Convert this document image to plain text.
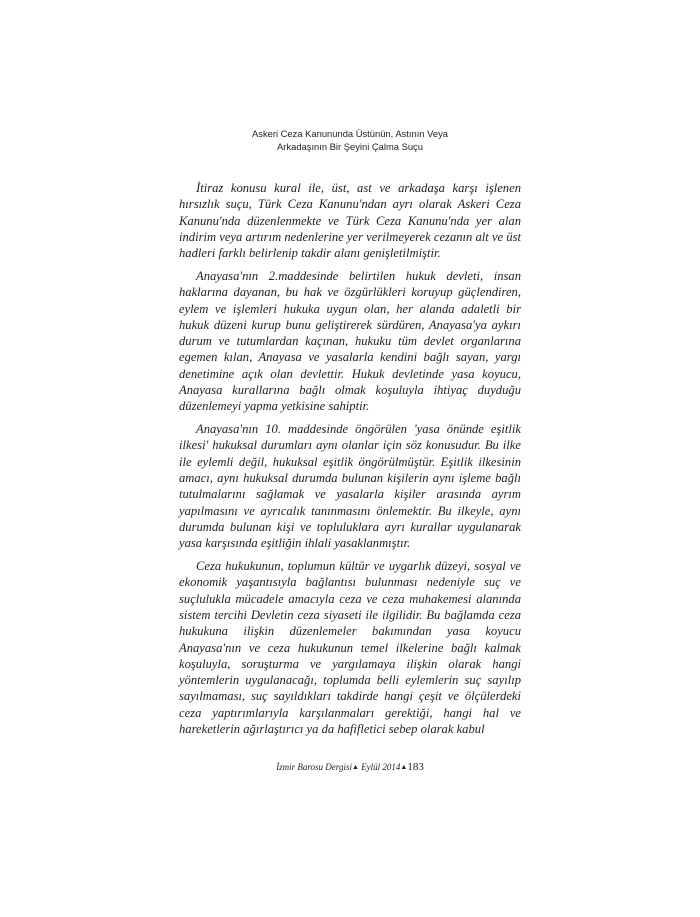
Askeri Ceza Kanununda Üstünün, Astının Veya
Arkadaşının Bir Şeyini Çalma Suçu

İtiraz konusu kural ile, üst, ast ve arkadaşa karşı işlenen hırsızlık suçu, Türk Ceza Kanunu'ndan ayrı olarak Askeri Ceza Kanunu'nda düzenlenmekte ve Türk Ceza Kanunu'nda yer alan indirim veya artırım nedenlerine yer verilmeyerek cezanın alt ve üst hadleri farklı belirlenip takdir alanı genişletilmiştir.

Anayasa'nın 2.maddesinde belirtilen hukuk devleti, insan haklarına dayanan, bu hak ve özgürlükleri koruyup güçlendiren, eylem ve işlemleri hukuka uygun olan, her alanda adaletli bir hukuk düzeni kurup bunu geliştirerek sürdüren, Anayasa'ya aykırı durum ve tutumlardan kaçınan, hukuku tüm devlet organlarına egemen kılan, Anayasa ve yasalarla kendini bağlı sayan, yargı denetimine açık olan devlettir. Hukuk devletinde yasa koyucu, Anayasa kurallarına bağlı olmak koşuluyla ihtiyaç duyduğu düzenlemeyi yapma yetkisine sahiptir.

Anayasa'nın 10. maddesinde öngörülen 'yasa önünde eşitlik ilkesi' hukuksal durumları aynı olanlar için söz konusudur. Bu ilke ile eylemli değil, hukuksal eşitlik öngörülmüştür. Eşitlik ilkesinin amacı, aynı hukuksal durumda bulunan kişilerin aynı işleme bağlı tutulmalarını sağlamak ve yasalarla kişiler arasında ayrım yapılmasını ve ayrıcalık tanınmasını önlemektir. Bu ilkeyle, aynı durumda bulunan kişi ve topluluklara ayrı kurallar uygulanarak yasa karşısında eşitliğin ihlali yasaklanmıştır.

Ceza hukukunun, toplumun kültür ve uygarlık düzeyi, sosyal ve ekonomik yaşantısıyla bağlantısı bulunması nedeniyle suç ve suçlulukla mücadele amacıyla ceza ve ceza muhakemesi alanında sistem tercihi Devletin ceza siyaseti ile ilgilidir. Bu bağlamda ceza hukukuna ilişkin düzenlemeler bakımından yasa koyucu Anayasa'nın ve ceza hukukunun temel ilkelerine bağlı kalmak koşuluyla, soruşturma ve yargılamaya ilişkin olarak hangi yöntemlerin uygulanacağı, toplumda belli eylemlerin suç sayılıp sayılmaması, suç sayıldıkları takdirde hangi çeşit ve ölçülerdeki ceza yaptırımlarıyla karşılanmaları gerektiği, hangi hal ve hareketlerin ağırlaştırıcı ya da hafifletici sebep olarak kabul

İzmir Barosu Dergisi▲ Eylül 2014▲183
